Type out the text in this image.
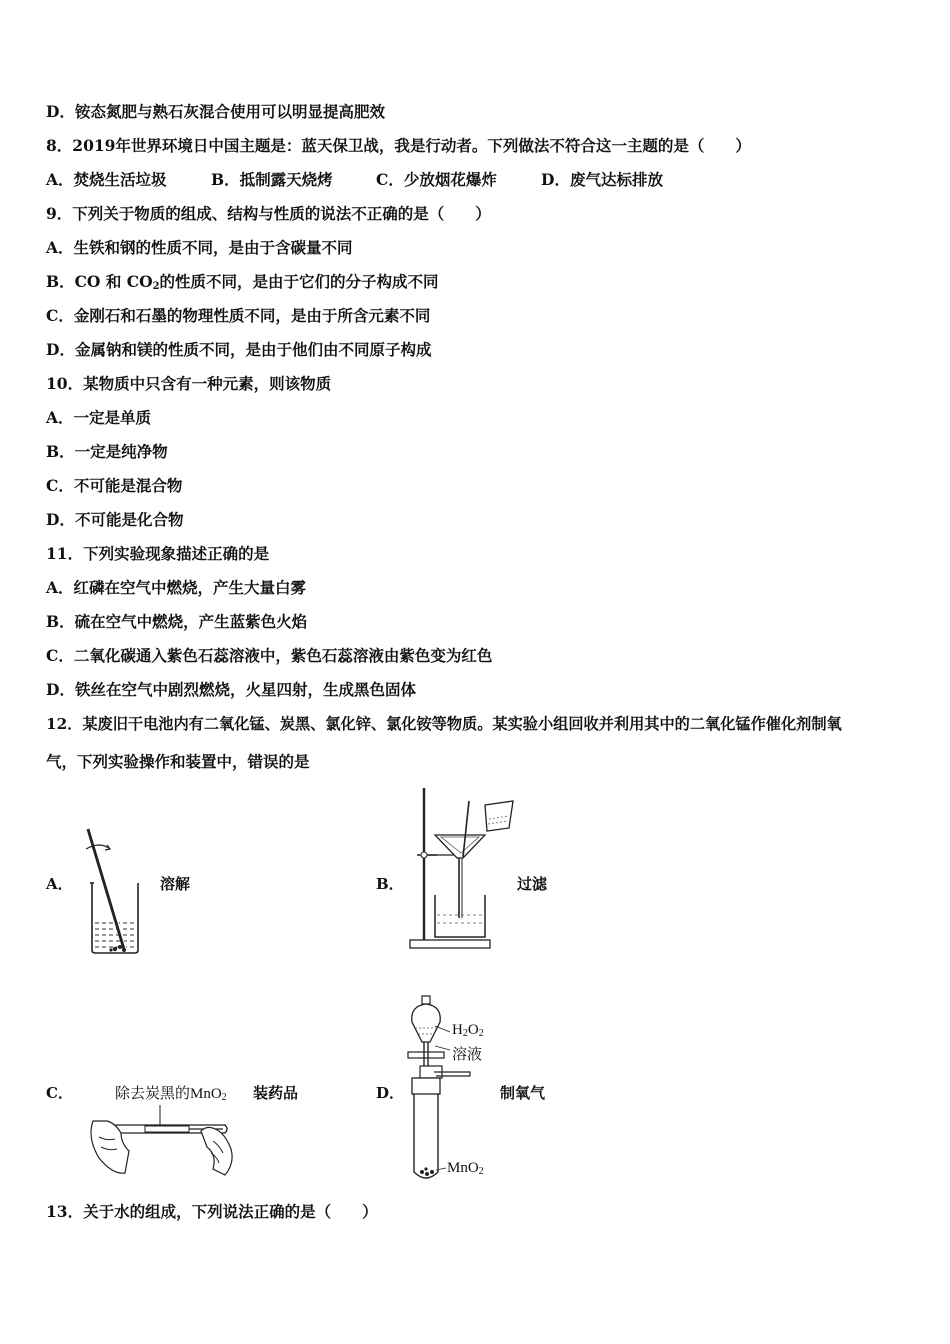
D．铵态氮肥与熟石灰混合使用可以明显提高肥效
8．2019年世界环境日中国主题是：蓝天保卫战，我是行动者。下列做法不符合这一主题的是（　　）
A．焚烧生活垃圾	B．抵制露天烧烤	C．少放烟花爆炸	D．废气达标排放
9．下列关于物质的组成、结构与性质的说法不正确的是（　　）
A．生铁和钢的性质不同，是由于含碳量不同
B．CO 和 $CO_2$的性质不同，是由于它们的分子构成不同
C．金刚石和石墨的物理性质不同，是由于所含元素不同
D．金属钠和镁的性质不同，是由于他们由不同原子构成
10．某物质中只含有一种元素，则该物质
A．一定是单质
B．一定是纯净物
C．不可能是混合物
D．不可能是化合物
11．下列实验现象描述正确的是
A．红磷在空气中燃烧，产生大量白雾
B．硫在空气中燃烧，产生蓝紫色火焰
C．二氧化碳通入紫色石蕊溶液中，紫色石蕊溶液由紫色变为红色
D．铁丝在空气中剧烈燃烧，火星四射，生成黑色固体
12．某废旧干电池内有二氧化锰、炭黑、氯化锌、氯化铵等物质。某实验小组回收并利用其中的二氧化锰作催化剂制氧
气，下列实验操作和装置中，错误的是
A．	溶解	B．	过滤
C．	除去炭黑的MnO$_2$ 装药品	D．
$H_2O_2$
溶液
MnO$_2$
制氧气
13．关于水的组成，下列说法正确的是（　　）
